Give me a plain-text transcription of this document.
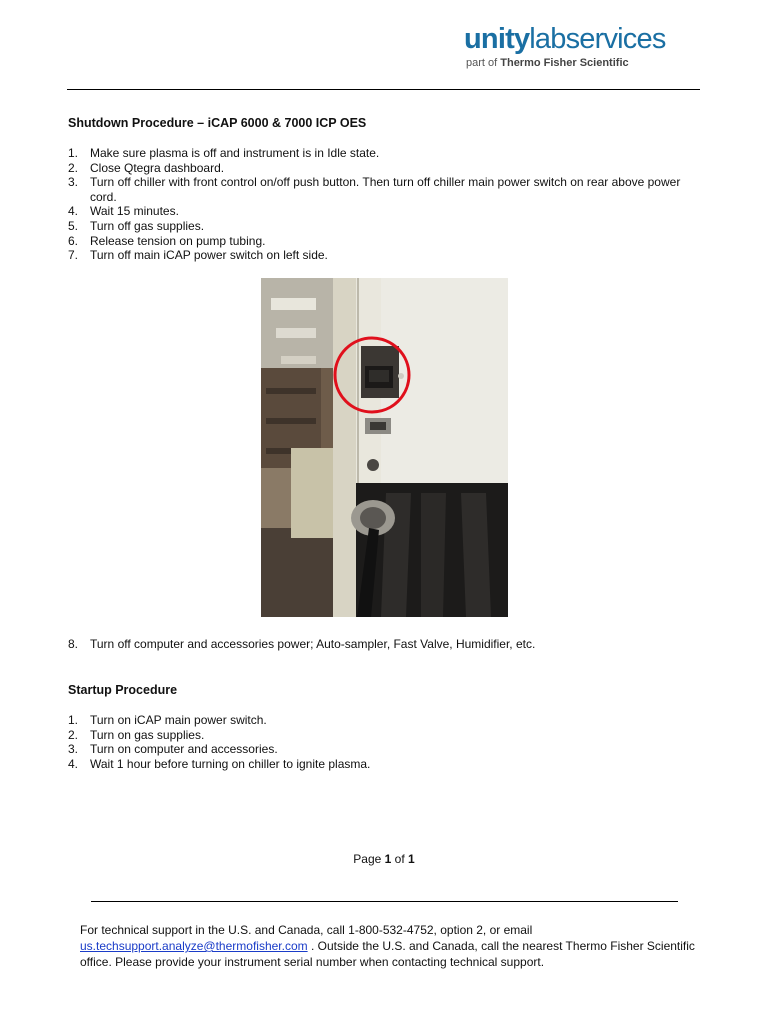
unitylabservices
part of Thermo Fisher Scientific
Shutdown Procedure – iCAP 6000 & 7000 ICP OES
1. Make sure plasma is off and instrument is in Idle state.
2. Close Qtegra dashboard.
3. Turn off chiller with front control on/off push button. Then turn off chiller main power switch on rear above power cord.
4. Wait 15 minutes.
5. Turn off gas supplies.
6. Release tension on pump tubing.
7. Turn off main iCAP power switch on left side.
8. Turn off computer and accessories power; Auto-sampler, Fast Valve, Humidifier, etc.
Startup Procedure
1. Turn on iCAP main power switch.
2. Turn on gas supplies.
3. Turn on computer and accessories.
4. Wait 1 hour before turning on chiller to ignite plasma.
Page 1 of 1
For technical support in the U.S. and Canada, call 1-800-532-4752, option 2, or email
us.techsupport.analyze@thermofisher.com . Outside the U.S. and Canada, call the nearest Thermo Fisher Scientific office. Please provide your instrument serial number when contacting technical support.
